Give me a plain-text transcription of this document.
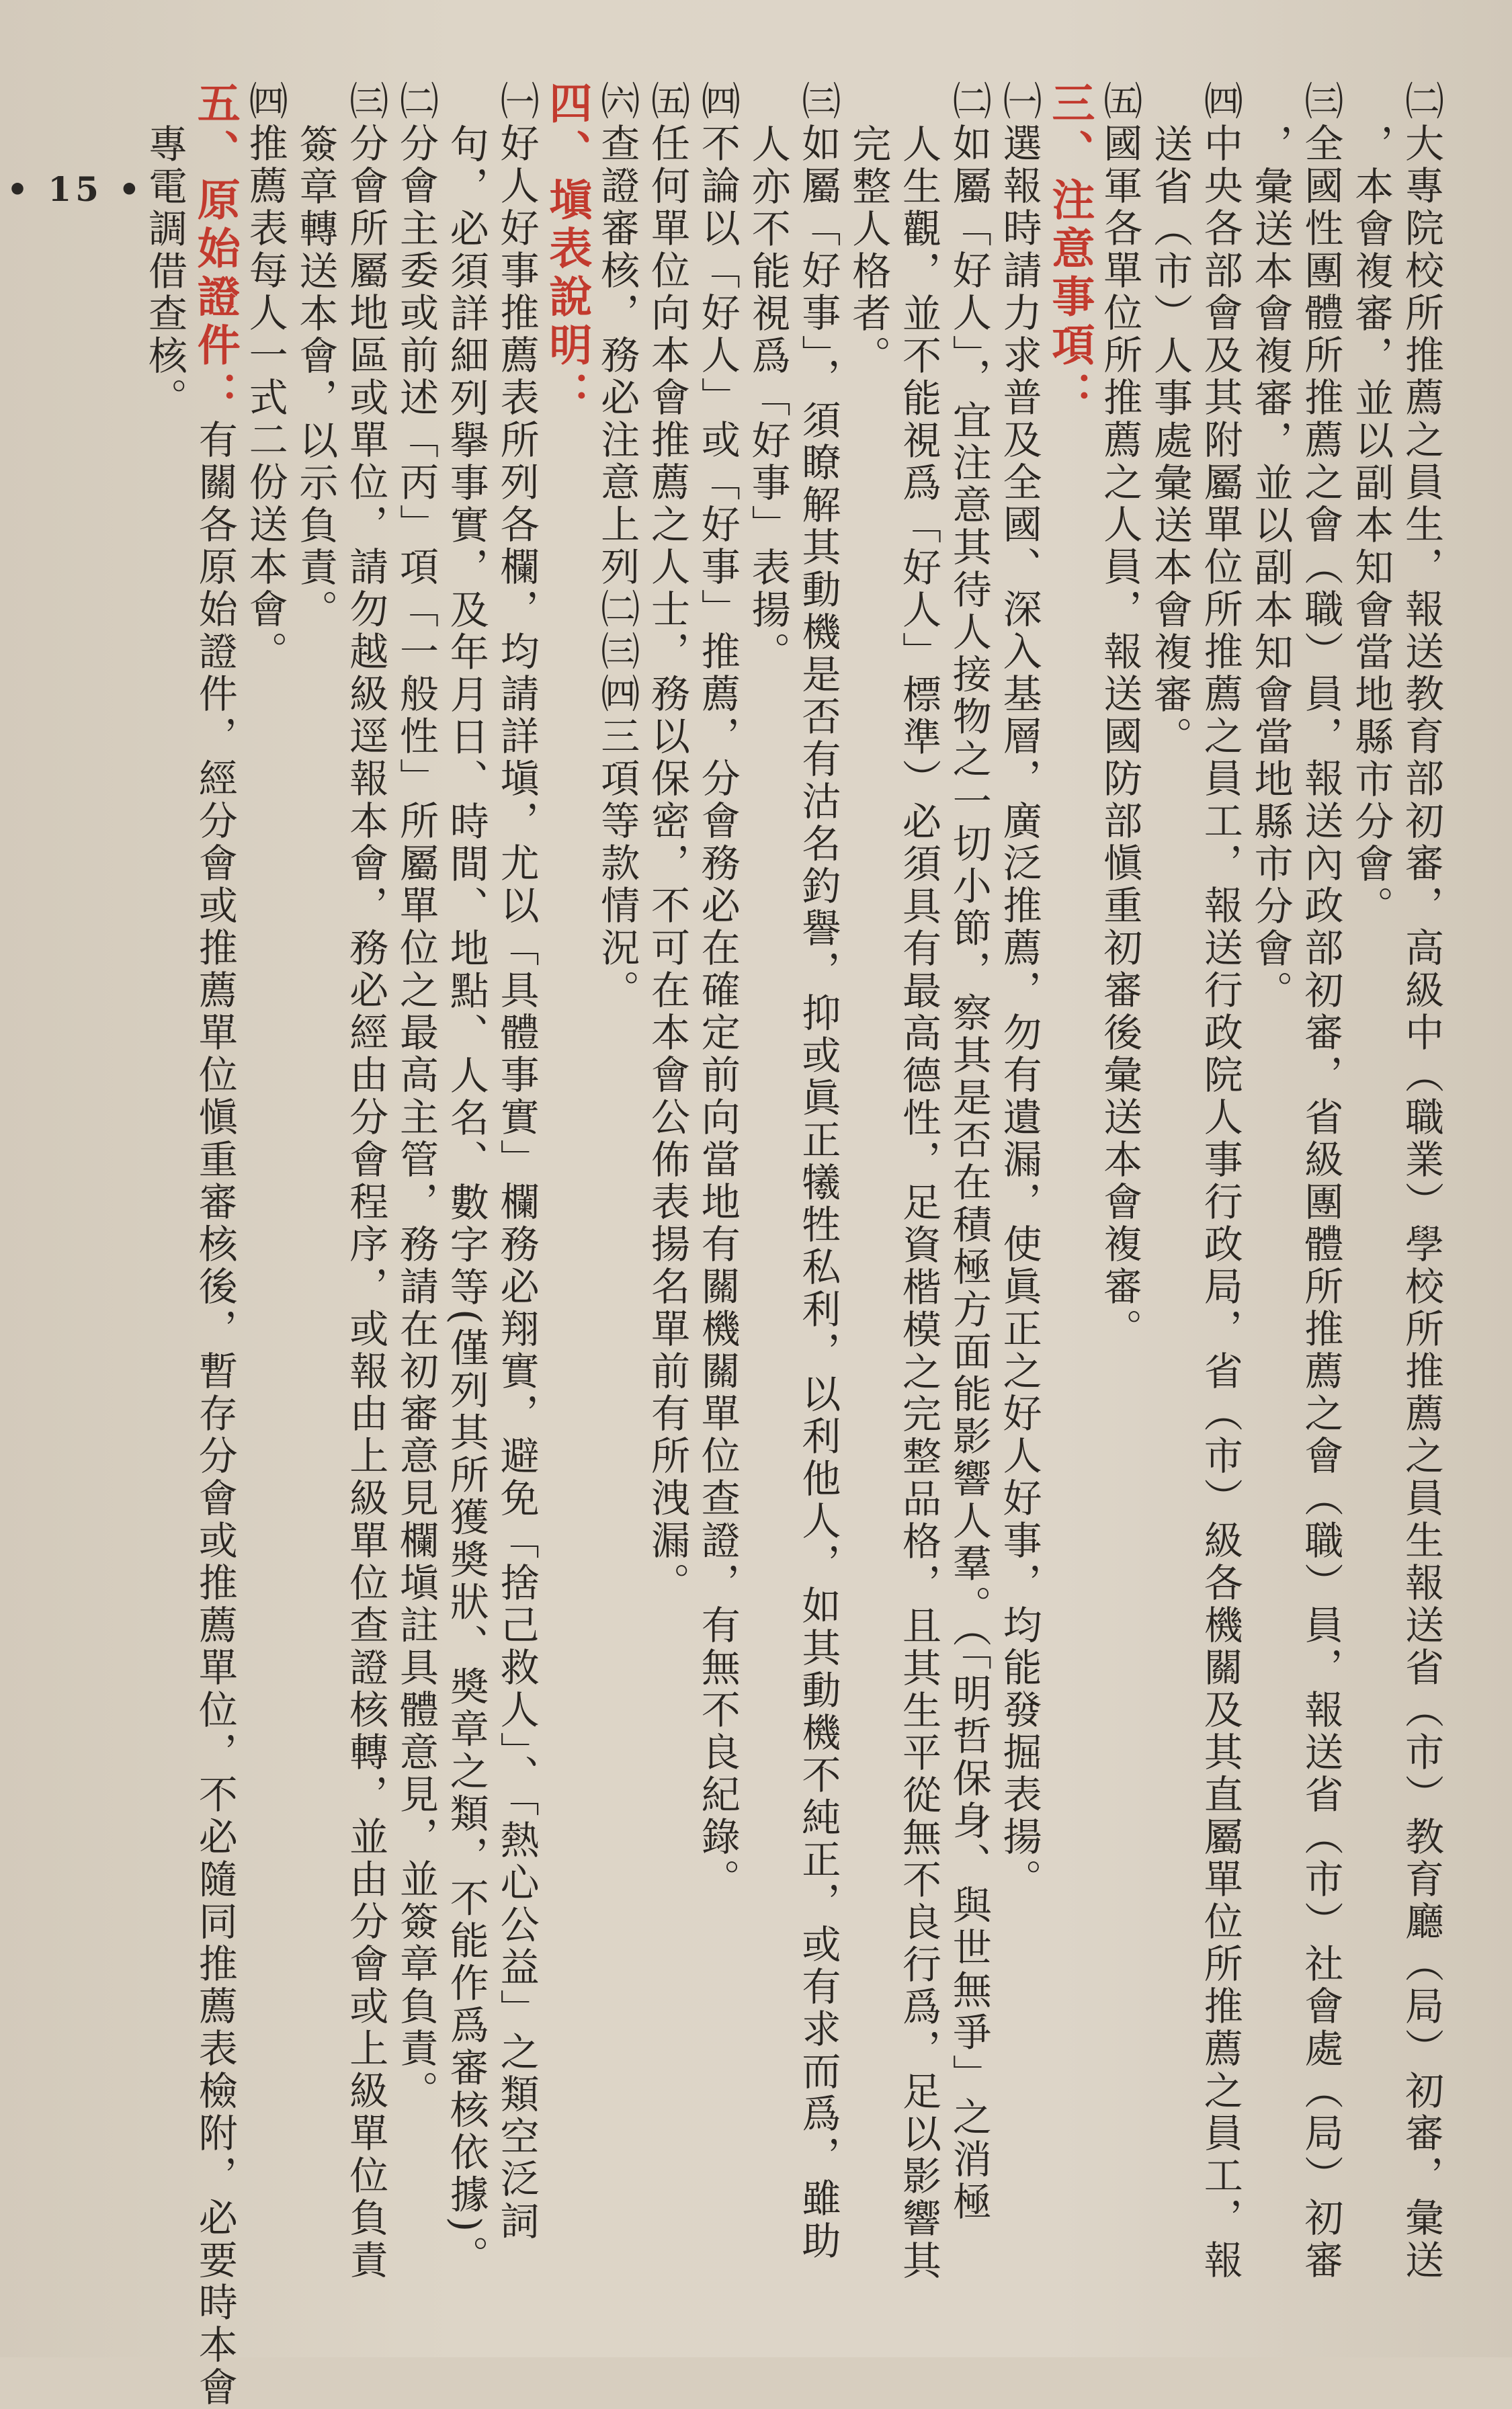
• 15 •	㈡大專院校所推薦之員生，報送教育部初審，高級中（職業）學校所推薦之員生報送省（市）教育廳（局）初審，彙送
，本會複審，並以副本知會當地縣市分會。
㈢全國性團體所推薦之會（職）員，報送內政部初審，省級團體所推薦之會（職）員，報送省（市）社會處（局）初審
，彙送本會複審，並以副本知會當地縣市分會。
㈣中央各部會及其附屬單位所推薦之員工，報送行政院人事行政局，省（市）級各機關及其直屬單位所推薦之員工，報
送省（市）人事處彙送本會複審。
㈤國軍各單位所推薦之人員，報送國防部愼重初審後彙送本會複審。
三、注意事項：
㈠選報時請力求普及全國、深入基層，廣泛推薦，勿有遺漏，使眞正之好人好事，均能發掘表揚。
㈡如屬「好人」，宜注意其待人接物之一切小節，察其是否在積極方面能影響人羣。（「明哲保身、與世無爭」之消極
人生觀，並不能視爲「好人」標準）必須具有最高德性，足資楷模之完整品格，且其生平從無不良行爲，足以影響其
完整人格者。
㈢如屬「好事」，須瞭解其動機是否有沽名釣譽，抑或眞正犧牲私利，以利他人，如其動機不純正，或有求而爲，雖助
人亦不能視爲「好事」表揚。
㈣不論以「好人」或「好事」推薦，分會務必在確定前向當地有關機關單位查證，有無不良紀錄。
㈤任何單位向本會推薦之人士，務以保密，不可在本會公佈表揚名單前有所洩漏。
㈥查證審核，務必注意上列㈡㈢㈣三項等款情況。
四、塡表說明：
㈠好人好事推薦表所列各欄，均請詳塡，尤以「具體事實」欄務必翔實，避免「捨己救人」、「熱心公益」之類空泛詞
句，必須詳細列擧事實，及年月日、時間、地點、人名、數字等(僅列其所獲奬狀、奬章之類，不能作爲審核依據)。
㈡分會主委或前述「丙」項「一般性」所屬單位之最高主管，務請在初審意見欄塡註具體意見，並簽章負責。
㈢分會所屬地區或單位，請勿越級逕報本會，務必經由分會程序，或報由上級單位查證核轉，並由分會或上級單位負責
簽章轉送本會，以示負責。
㈣推薦表每人一式二份送本會。
五、原始證件：有關各原始證件，經分會或推薦單位愼重審核後，暫存分會或推薦單位，不必隨同推薦表檢附，必要時本會
專電調借查核。
